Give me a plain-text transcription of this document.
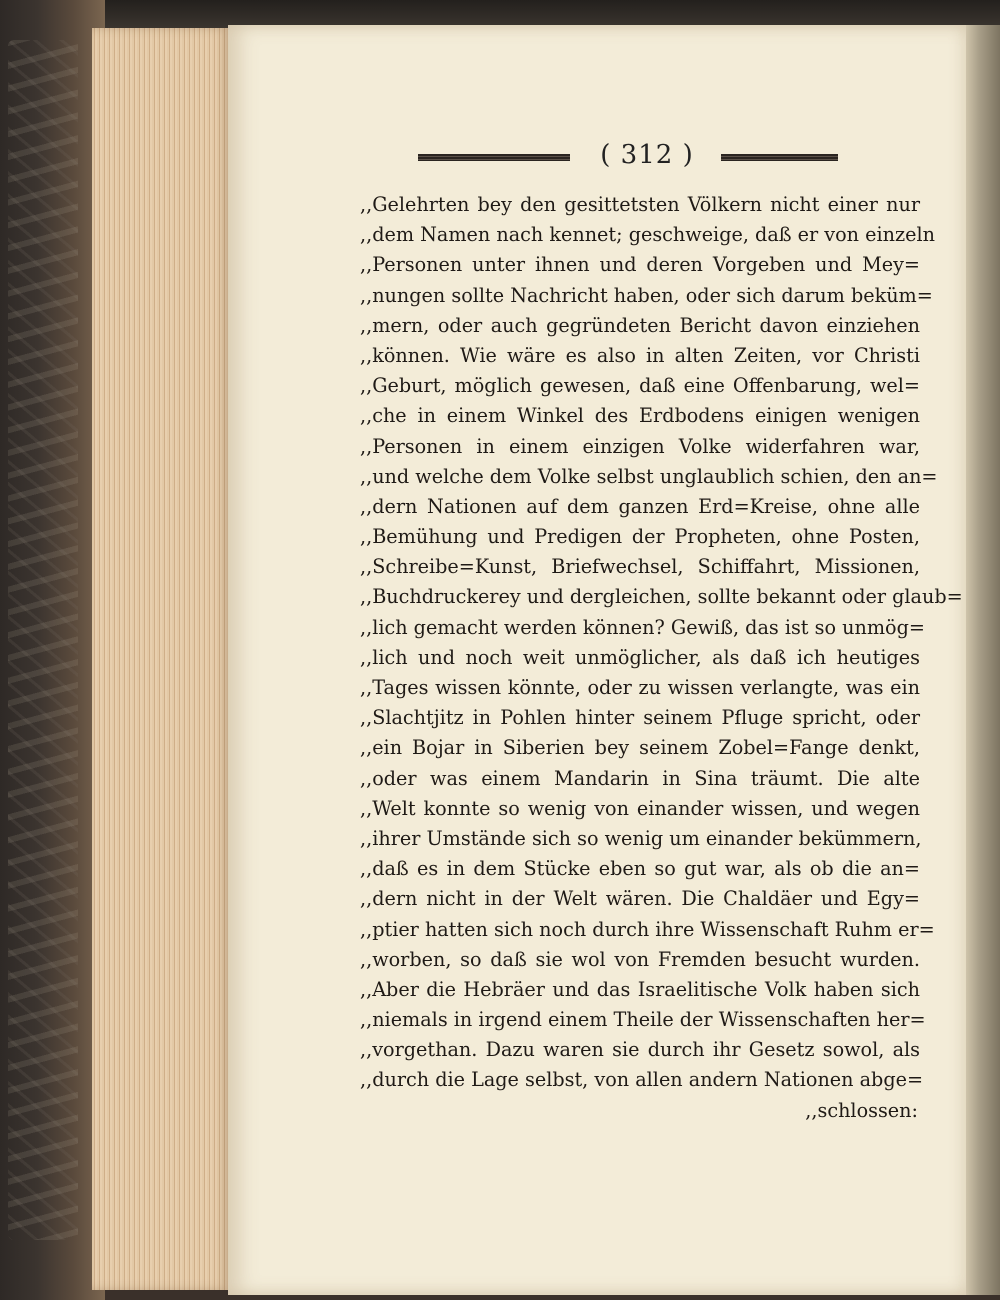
( 312 )
,,Gelehrten bey den gesittetsten Völkern nicht einer nur
,,dem Namen nach kennet; geschweige, daß er von einzeln
,,Personen unter ihnen und deren Vorgeben und Mey=
,,nungen sollte Nachricht haben, oder sich darum beküm=
,,mern, oder auch gegründeten Bericht davon einziehen
,,können. Wie wäre es also in alten Zeiten, vor Christi
,,Geburt, möglich gewesen, daß eine Offenbarung, wel=
,,che in einem Winkel des Erdbodens einigen wenigen
,,Personen in einem einzigen Volke widerfahren war,
,,und welche dem Volke selbst unglaublich schien, den an=
,,dern Nationen auf dem ganzen Erd=Kreise, ohne alle
,,Bemühung und Predigen der Propheten, ohne Posten,
,,Schreibe=Kunst, Briefwechsel, Schiffahrt, Missionen,
,,Buchdruckerey und dergleichen, sollte bekannt oder glaub=
,,lich gemacht werden können? Gewiß, das ist so unmög=
,,lich und noch weit unmöglicher, als daß ich heutiges
,,Tages wissen könnte, oder zu wissen verlangte, was ein
,,Slachtjitz in Pohlen hinter seinem Pfluge spricht, oder
,,ein Bojar in Siberien bey seinem Zobel=Fange denkt,
,,oder was einem Mandarin in Sina träumt. Die alte
,,Welt konnte so wenig von einander wissen, und wegen
,,ihrer Umstände sich so wenig um einander bekümmern,
,,daß es in dem Stücke eben so gut war, als ob die an=
,,dern nicht in der Welt wären. Die Chaldäer und Egy=
,,ptier hatten sich noch durch ihre Wissenschaft Ruhm er=
,,worben, so daß sie wol von Fremden besucht wurden.
,,Aber die Hebräer und das Israelitische Volk haben sich
,,niemals in irgend einem Theile der Wissenschaften her=
,,vorgethan. Dazu waren sie durch ihr Gesetz sowol, als
,,durch die Lage selbst, von allen andern Nationen abge=
,,schlossen:
